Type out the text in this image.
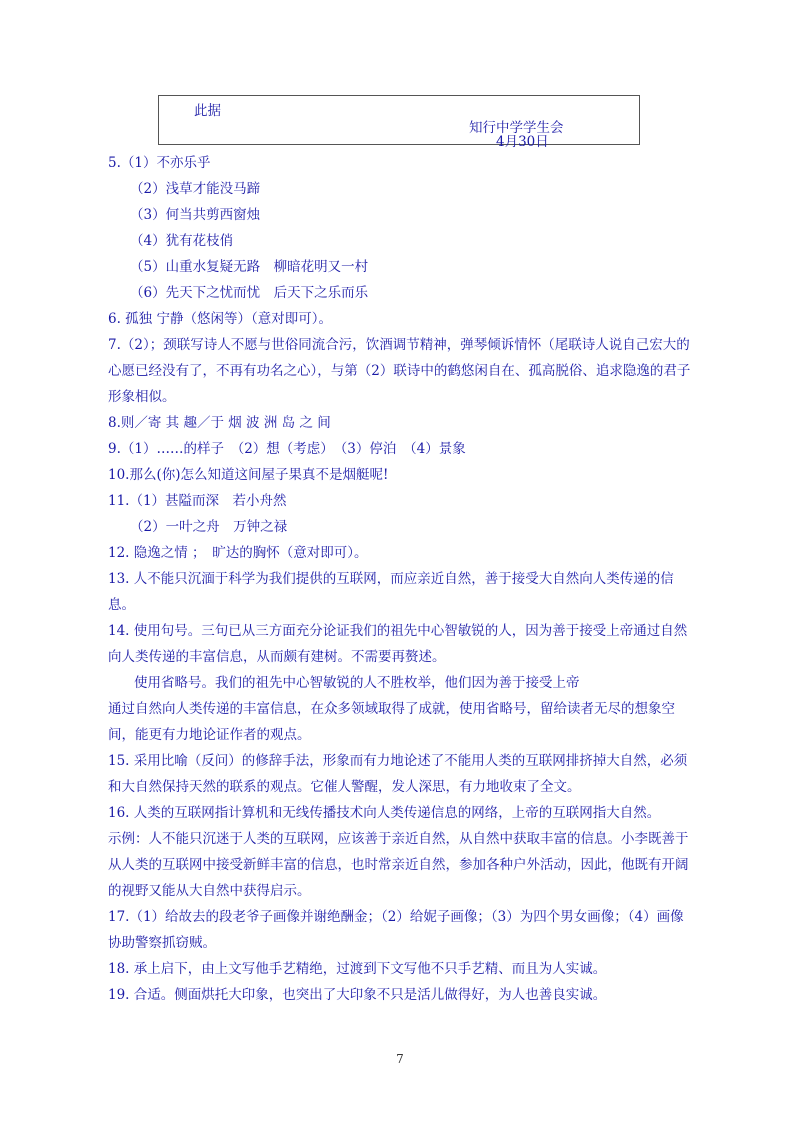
此据
知行中学学生会
4月30日
5.（1）不亦乐乎
（2）浅草才能没马蹄
（3）何当共剪西窗烛
（4）犹有花枝俏
（5）山重水复疑无路　柳暗花明又一村
（6）先天下之忧而忧　后天下之乐而乐
6. 孤独 宁静（悠闲等）（意对即可）。
7.（2）；颈联写诗人不愿与世俗同流合污，饮酒调节精神，弹琴倾诉情怀（尾联诗人说自己宏大的心愿已经没有了，不再有功名之心），与第（2）联诗中的鹤悠闲自在、孤高脱俗、追求隐逸的君子形象相似。
8.则／寄 其 趣／于 烟 波 洲 岛 之 间
9.（1）……的样子　（2）想（考虑）　（3）停泊　（4）景象
10.那么(你)怎么知道这间屋子果真不是烟艇呢!
11.（1）甚隘而深　若小舟然
（2）一叶之舟　万钟之禄
12. 隐逸之情 ；　旷达的胸怀（意对即可）。
13. 人不能只沉湎于科学为我们提供的互联网，而应亲近自然，善于接受大自然向人类传递的信息。
14. 使用句号。三句已从三方面充分论证我们的祖先中心智敏锐的人，因为善于接受上帝通过自然向人类传递的丰富信息，从而颇有建树。不需要再赘述。
使用省略号。我们的祖先中心智敏锐的人不胜枚举，他们因为善于接受上帝
通过自然向人类传递的丰富信息，在众多领域取得了成就，使用省略号，留给读者无尽的想象空间，能更有力地论证作者的观点。
15. 采用比喻（反问）的修辞手法，形象而有力地论述了不能用人类的互联网排挤掉大自然，必须和大自然保持天然的联系的观点。它催人警醒，发人深思，有力地收束了全文。
16. 人类的互联网指计算机和无线传播技术向人类传递信息的网络，上帝的互联网指大自然。
示例：人不能只沉迷于人类的互联网，应该善于亲近自然，从自然中获取丰富的信息。小李既善于从人类的互联网中接受新鲜丰富的信息，也时常亲近自然，参加各种户外活动，因此，他既有开阔的视野又能从大自然中获得启示。
17.（1）给故去的段老爷子画像并谢绝酬金；（2）给妮子画像；（3）为四个男女画像；（4）画像协助警察抓窃贼。
18. 承上启下，由上文写他手艺精绝，过渡到下文写他不只手艺精、而且为人实诚。
19. 合适。侧面烘托大印象，也突出了大印象不只是活儿做得好，为人也善良实诚。
7
